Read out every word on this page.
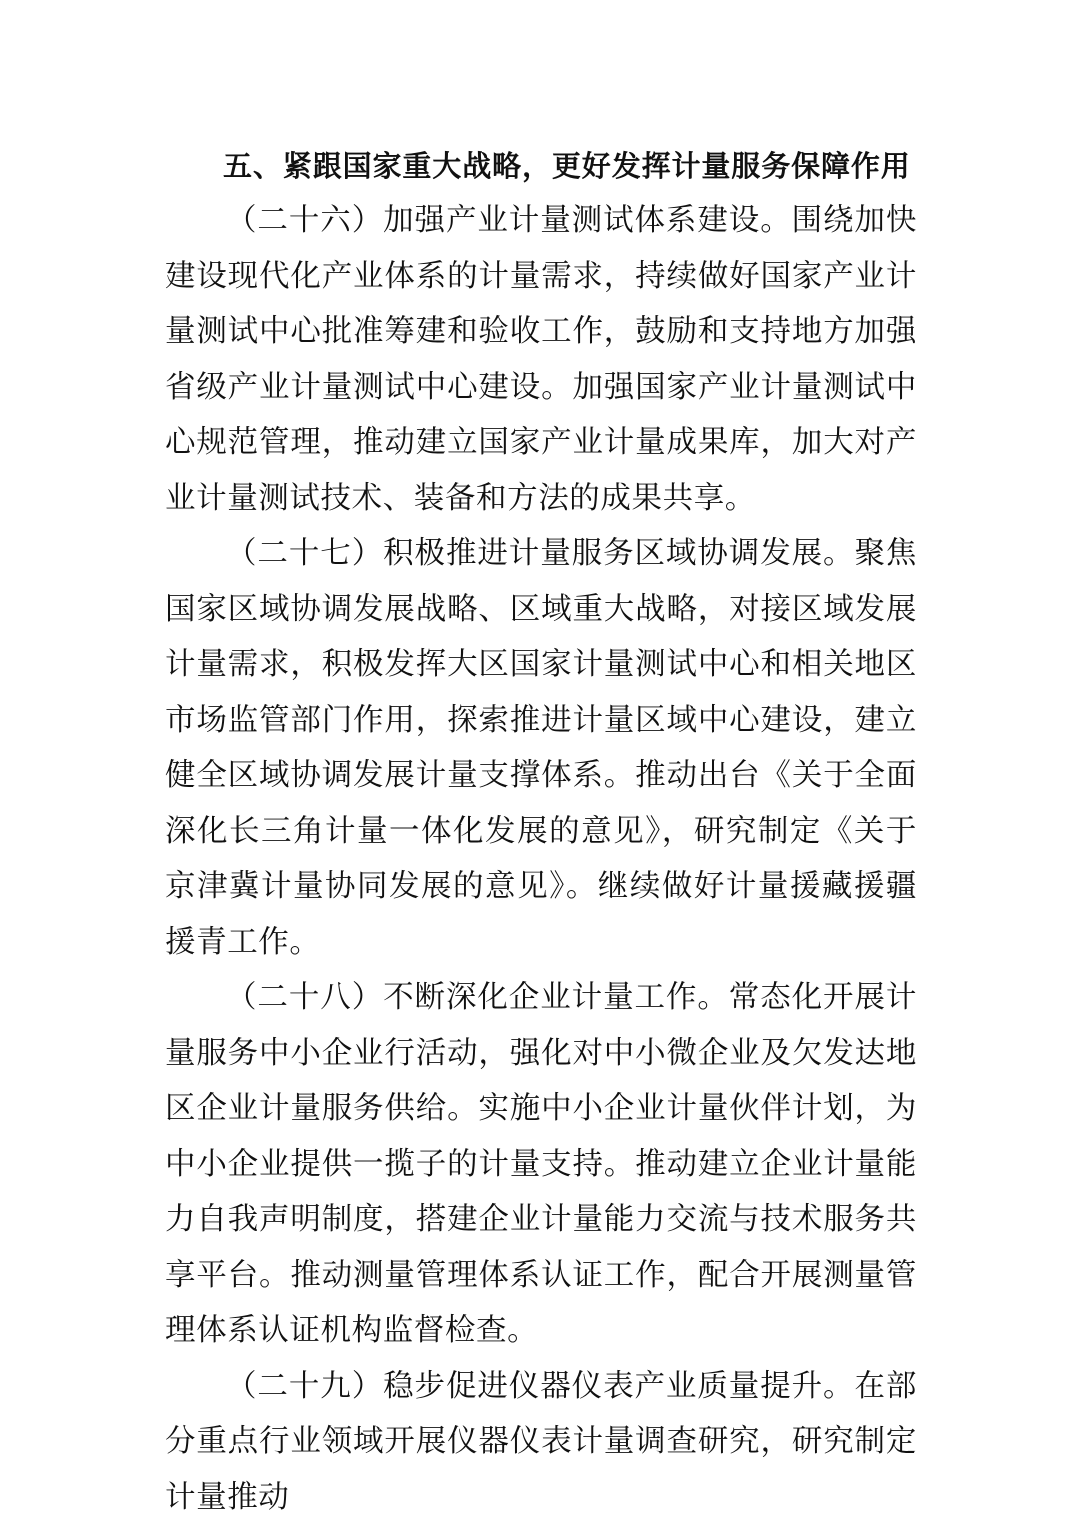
五、紧跟国家重大战略，更好发挥计量服务保障作用

（二十六）加强产业计量测试体系建设。围绕加快建设现代化产业体系的计量需求，持续做好国家产业计量测试中心批准筹建和验收工作，鼓励和支持地方加强省级产业计量测试中心建设。加强国家产业计量测试中心规范管理，推动建立国家产业计量成果库，加大对产业计量测试技术、装备和方法的成果共享。

（二十七）积极推进计量服务区域协调发展。聚焦国家区域协调发展战略、区域重大战略，对接区域发展计量需求，积极发挥大区国家计量测试中心和相关地区市场监管部门作用，探索推进计量区域中心建设，建立健全区域协调发展计量支撑体系。推动出台《关于全面深化长三角计量一体化发展的意见》，研究制定《关于京津冀计量协同发展的意见》。继续做好计量援藏援疆援青工作。

（二十八）不断深化企业计量工作。常态化开展计量服务中小企业行活动，强化对中小微企业及欠发达地区企业计量服务供给。实施中小企业计量伙伴计划，为中小企业提供一揽子的计量支持。推动建立企业计量能力自我声明制度，搭建企业计量能力交流与技术服务共享平台。推动测量管理体系认证工作，配合开展测量管理体系认证机构监督检查。

（二十九）稳步促进仪器仪表产业质量提升。在部分重点行业领域开展仪器仪表计量调查研究，研究制定计量推动
